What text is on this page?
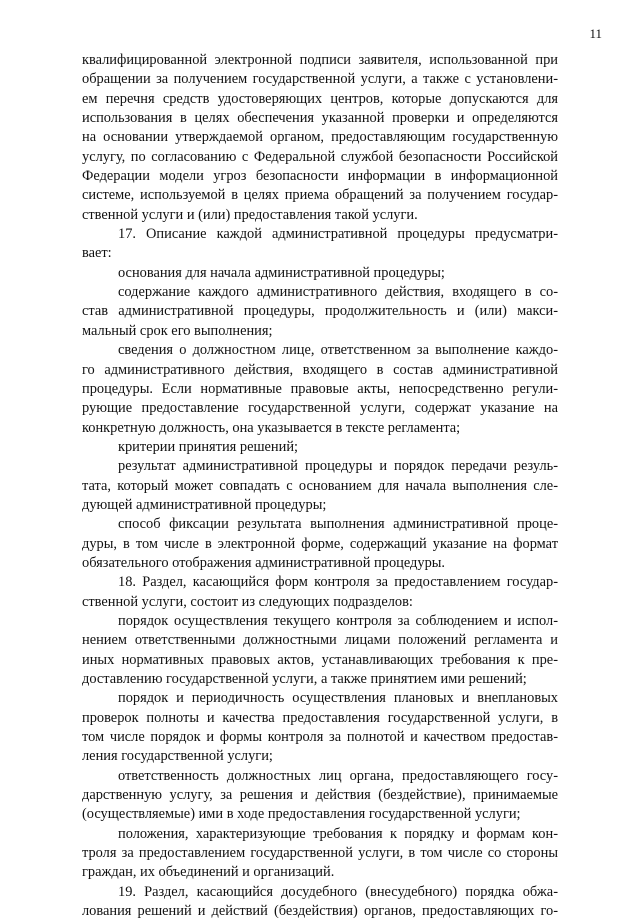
11
квалифицированной электронной подписи заявителя, использованной при
обращении за получением государственной услуги, а также с установлени-
ем перечня средств удостоверяющих центров, которые допускаются для
использования в целях обеспечения указанной проверки и определяются
на основании утверждаемой органом, предоставляющим государственную
услугу, по согласованию с Федеральной службой безопасности Российской
Федерации модели угроз безопасности информации в информационной
системе, используемой в целях приема обращений за получением государ-
ственной услуги и (или) предоставления такой услуги.
17. Описание каждой административной процедуры предусматри-
вает:
основания для начала административной процедуры;
содержание каждого административного действия, входящего в со-
став административной процедуры, продолжительность и (или) макси-
мальный срок его выполнения;
сведения о должностном лице, ответственном за выполнение каждо-
го административного действия, входящего в состав административной
процедуры. Если нормативные правовые акты, непосредственно регули-
рующие предоставление государственной услуги, содержат указание на
конкретную должность, она указывается в тексте регламента;
критерии принятия решений;
результат административной процедуры и порядок передачи резуль-
тата, который может совпадать с основанием для начала выполнения сле-
дующей административной процедуры;
способ фиксации результата выполнения административной проце-
дуры, в том числе в электронной форме, содержащий указание на формат
обязательного отображения административной процедуры.
18. Раздел, касающийся форм контроля за предоставлением государ-
ственной услуги, состоит из следующих подразделов:
порядок осуществления текущего контроля за соблюдением и испол-
нением ответственными должностными лицами положений регламента и
иных нормативных правовых актов, устанавливающих требования к пре-
доставлению государственной услуги, а также принятием ими решений;
порядок и периодичность осуществления плановых и внеплановых
проверок полноты и качества предоставления государственной услуги, в
том числе порядок и формы контроля за полнотой и качеством предостав-
ления государственной услуги;
ответственность должностных лиц органа, предоставляющего госу-
дарственную услугу, за решения и действия (бездействие), принимаемые
(осуществляемые) ими в ходе предоставления государственной услуги;
положения, характеризующие требования к порядку и формам кон-
троля за предоставлением государственной услуги, в том числе со стороны
граждан, их объединений и организаций.
19. Раздел, касающийся досудебного (внесудебного) порядка обжа-
лования решений и действий (бездействия) органов, предоставляющих го-
